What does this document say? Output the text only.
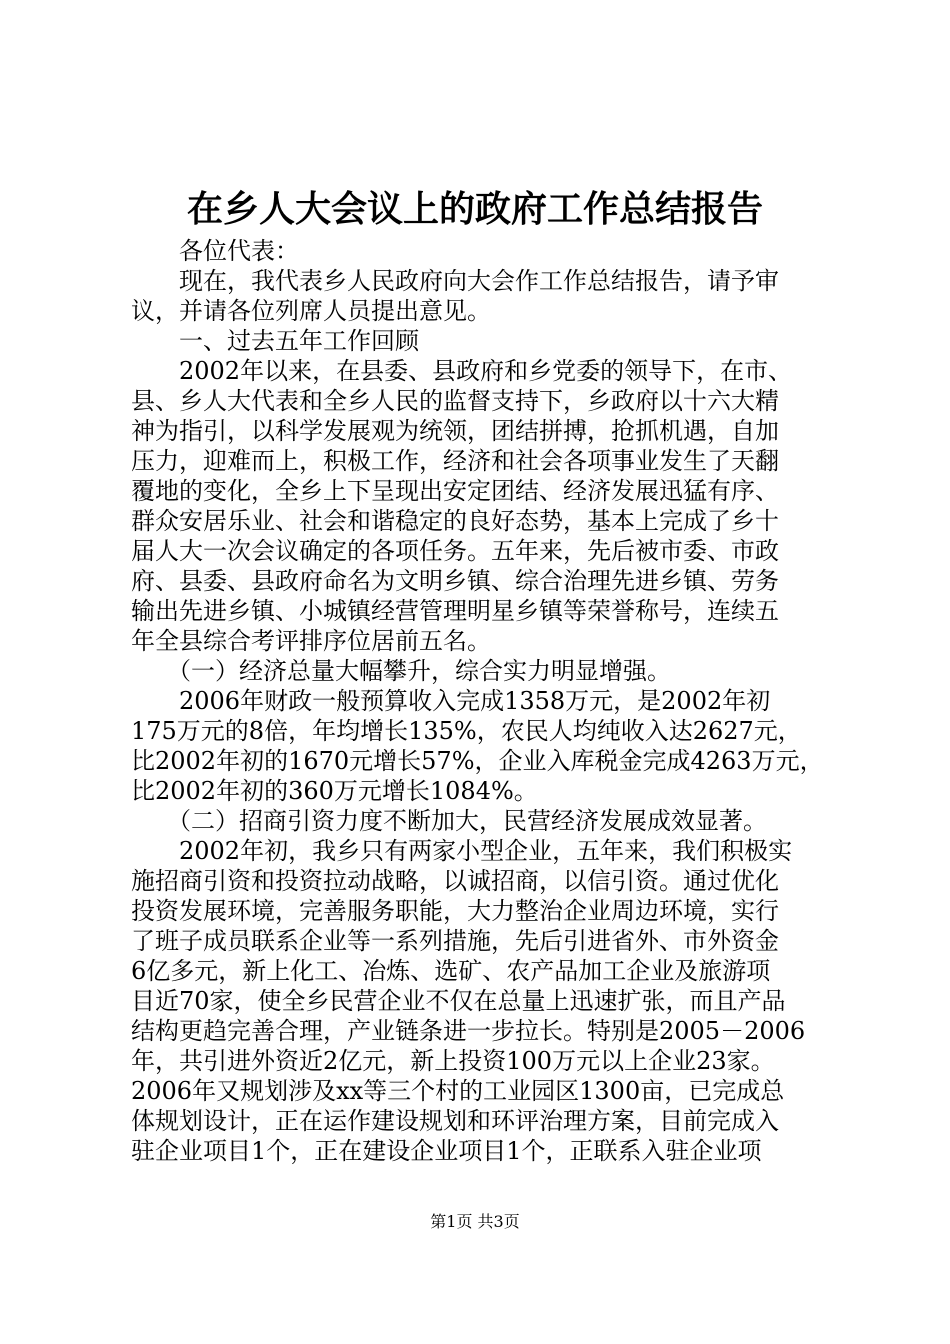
在乡人大会议上的政府工作总结报告
　　各位代表：
　　现在，我代表乡人民政府向大会作工作总结报告，请予审
议，并请各位列席人员提出意见。
　　一、过去五年工作回顾
　　2002年以来，在县委、县政府和乡党委的领导下，在市、
县、乡人大代表和全乡人民的监督支持下，乡政府以十六大精
神为指引，以科学发展观为统领，团结拼搏，抢抓机遇，自加
压力，迎难而上，积极工作，经济和社会各项事业发生了天翻
覆地的变化，全乡上下呈现出安定团结、经济发展迅猛有序、
群众安居乐业、社会和谐稳定的良好态势，基本上完成了乡十
届人大一次会议确定的各项任务。五年来，先后被市委、市政
府、县委、县政府命名为文明乡镇、综合治理先进乡镇、劳务
输出先进乡镇、小城镇经营管理明星乡镇等荣誉称号，连续五
年全县综合考评排序位居前五名。
　　（一）经济总量大幅攀升，综合实力明显增强。
　　2006年财政一般预算收入完成1358万元，是2002年初
175万元的8倍，年均增长135%，农民人均纯收入达2627元，
比2002年初的1670元增长57%，企业入库税金完成4263万元，
比2002年初的360万元增长1084%。
　　（二）招商引资力度不断加大，民营经济发展成效显著。
　　2002年初，我乡只有两家小型企业，五年来，我们积极实
施招商引资和投资拉动战略，以诚招商，以信引资。通过优化
投资发展环境，完善服务职能，大力整治企业周边环境，实行
了班子成员联系企业等一系列措施，先后引进省外、市外资金
6亿多元，新上化工、冶炼、选矿、农产品加工企业及旅游项
目近70家，使全乡民营企业不仅在总量上迅速扩张，而且产品
结构更趋完善合理，产业链条进一步拉长。特别是2005－2006
年，共引进外资近2亿元，新上投资100万元以上企业23家。
2006年又规划涉及xx等三个村的工业园区1300亩，已完成总
体规划设计，正在运作建设规划和环评治理方案，目前完成入
驻企业项目1个，正在建设企业项目1个，正联系入驻企业项
第1页 共3页
